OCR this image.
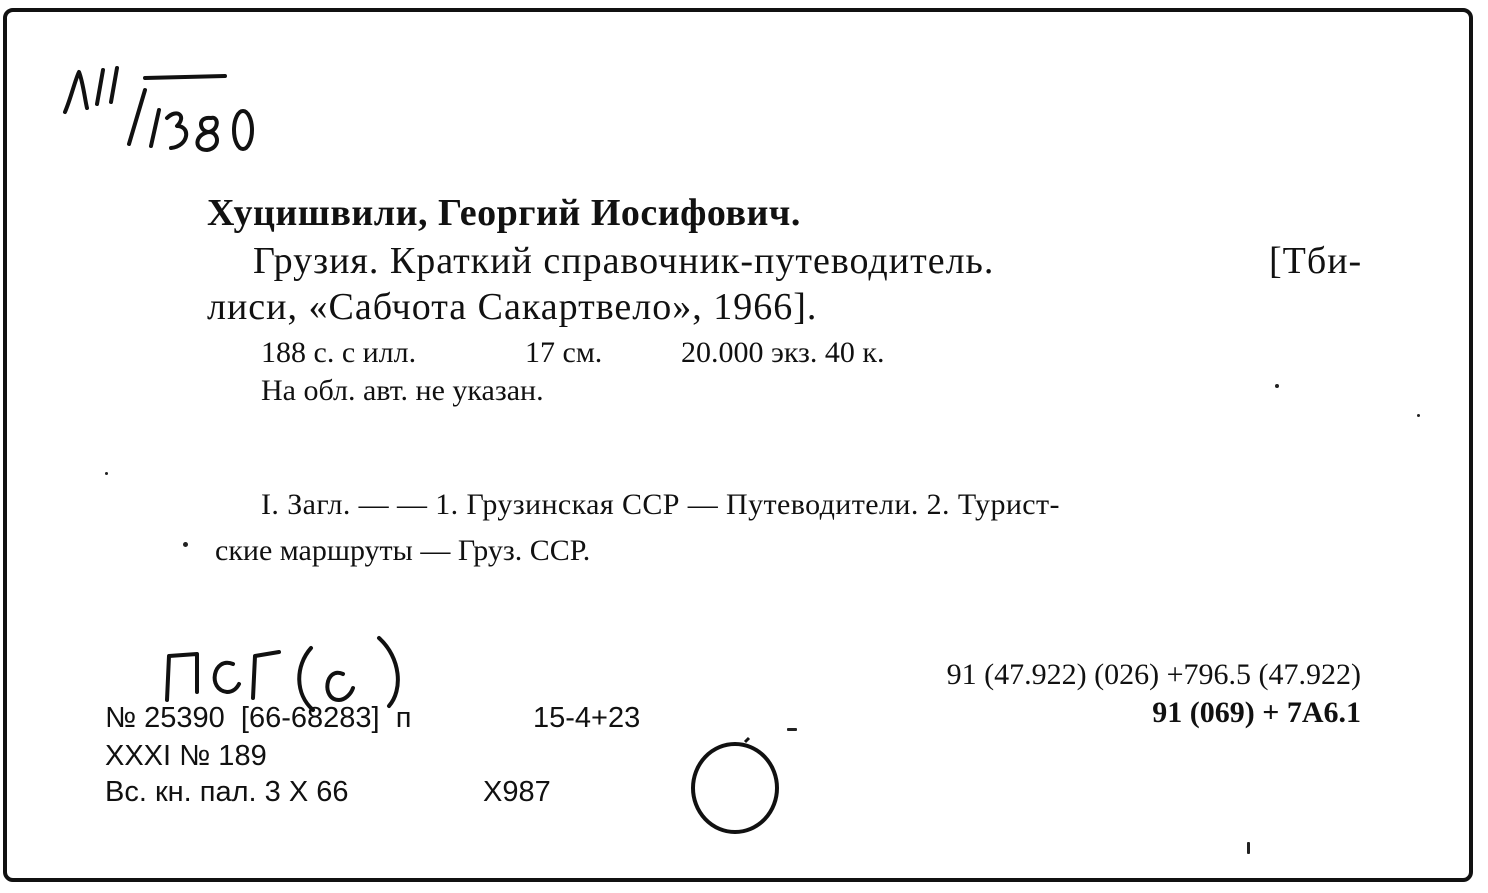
Хуцишвили, Георгий Иосифович.
Грузия. Краткий справочник-путеводитель.	[Тби-
лиси, «Сабчота Сакартвело», 1966].
188 с. с илл.	17 см.	20.000 экз. 40 к.
На обл. авт. не указан.
I. Загл. — — 1. Грузинская ССР — Путеводители. 2. Турист-
ские маршруты — Груз. ССР.
№ 25390  [66-68283]  п	15-4+23
XXXI № 189
Вс. кн. пал. 3 X 66	Х987
91 (47.922) (026) +796.5 (47.922)
91 (069) + 7А6.1
